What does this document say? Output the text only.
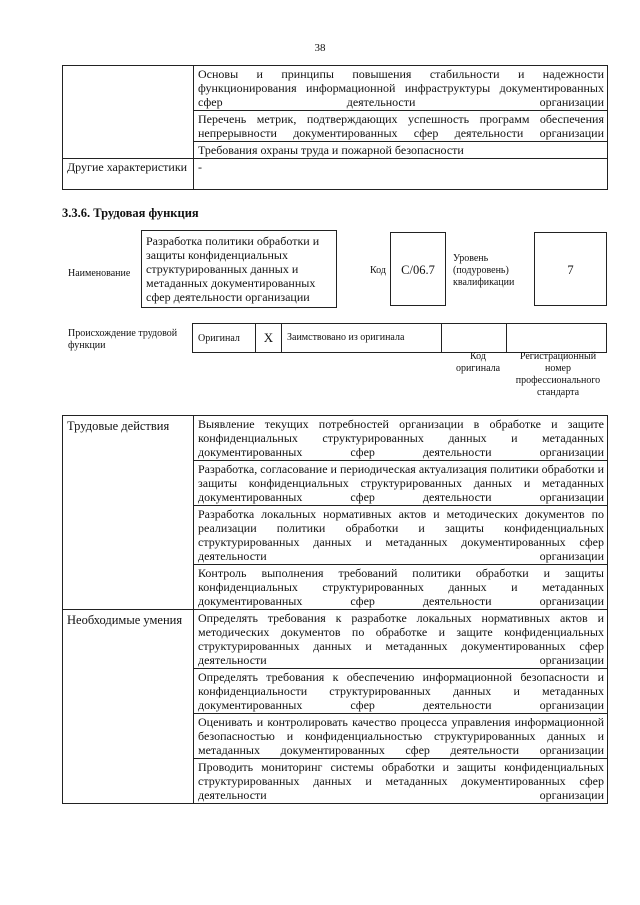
38
	Основы и принципы повышения стабильности и надежности функционирования информационной инфраструктуры документированных сфер деятельности организации
	Перечень метрик, подтверждающих успешность программ обеспечения непрерывности документированных сфер деятельности организации
	Требования охраны труда и пожарной безопасности
Другие характеристики	-
3.3.6. Трудовая функция
Наименование
Разработка политики обработки и защиты конфиденциальных структурированных данных и метаданных документированных сфер деятельности организации
Код	C/06.7
Уровень (подуровень) квалификации
7
Происхождение трудовой функции
Оригинал	X	Заимствовано из оригинала
Код оригинала
Регистрационный номер профессионального стандарта
Трудовые действия	Выявление текущих потребностей организации в обработке и защите конфиденциальных структурированных данных и метаданных документированных сфер деятельности организации
	Разработка, согласование и периодическая актуализация политики обработки и защиты конфиденциальных структурированных данных и метаданных документированных сфер деятельности организации
	Разработка локальных нормативных актов и методических документов по реализации политики обработки и защиты конфиденциальных структурированных данных и метаданных документированных сфер деятельности организации
	Контроль выполнения требований политики обработки и защиты конфиденциальных структурированных данных и метаданных документированных сфер деятельности организации
Необходимые умения	Определять требования к разработке локальных нормативных актов и методических документов по обработке и защите конфиденциальных структурированных данных и метаданных документированных сфер деятельности организации
	Определять требования к обеспечению информационной безопасности и конфиденциальности структурированных данных и метаданных документированных сфер деятельности организации
	Оценивать и контролировать качество процесса управления информационной безопасностью и конфиденциальностью структурированных данных и метаданных документированных сфер деятельности организации
	Проводить мониторинг системы обработки и защиты конфиденциальных структурированных данных и метаданных документированных сфер деятельности организации
